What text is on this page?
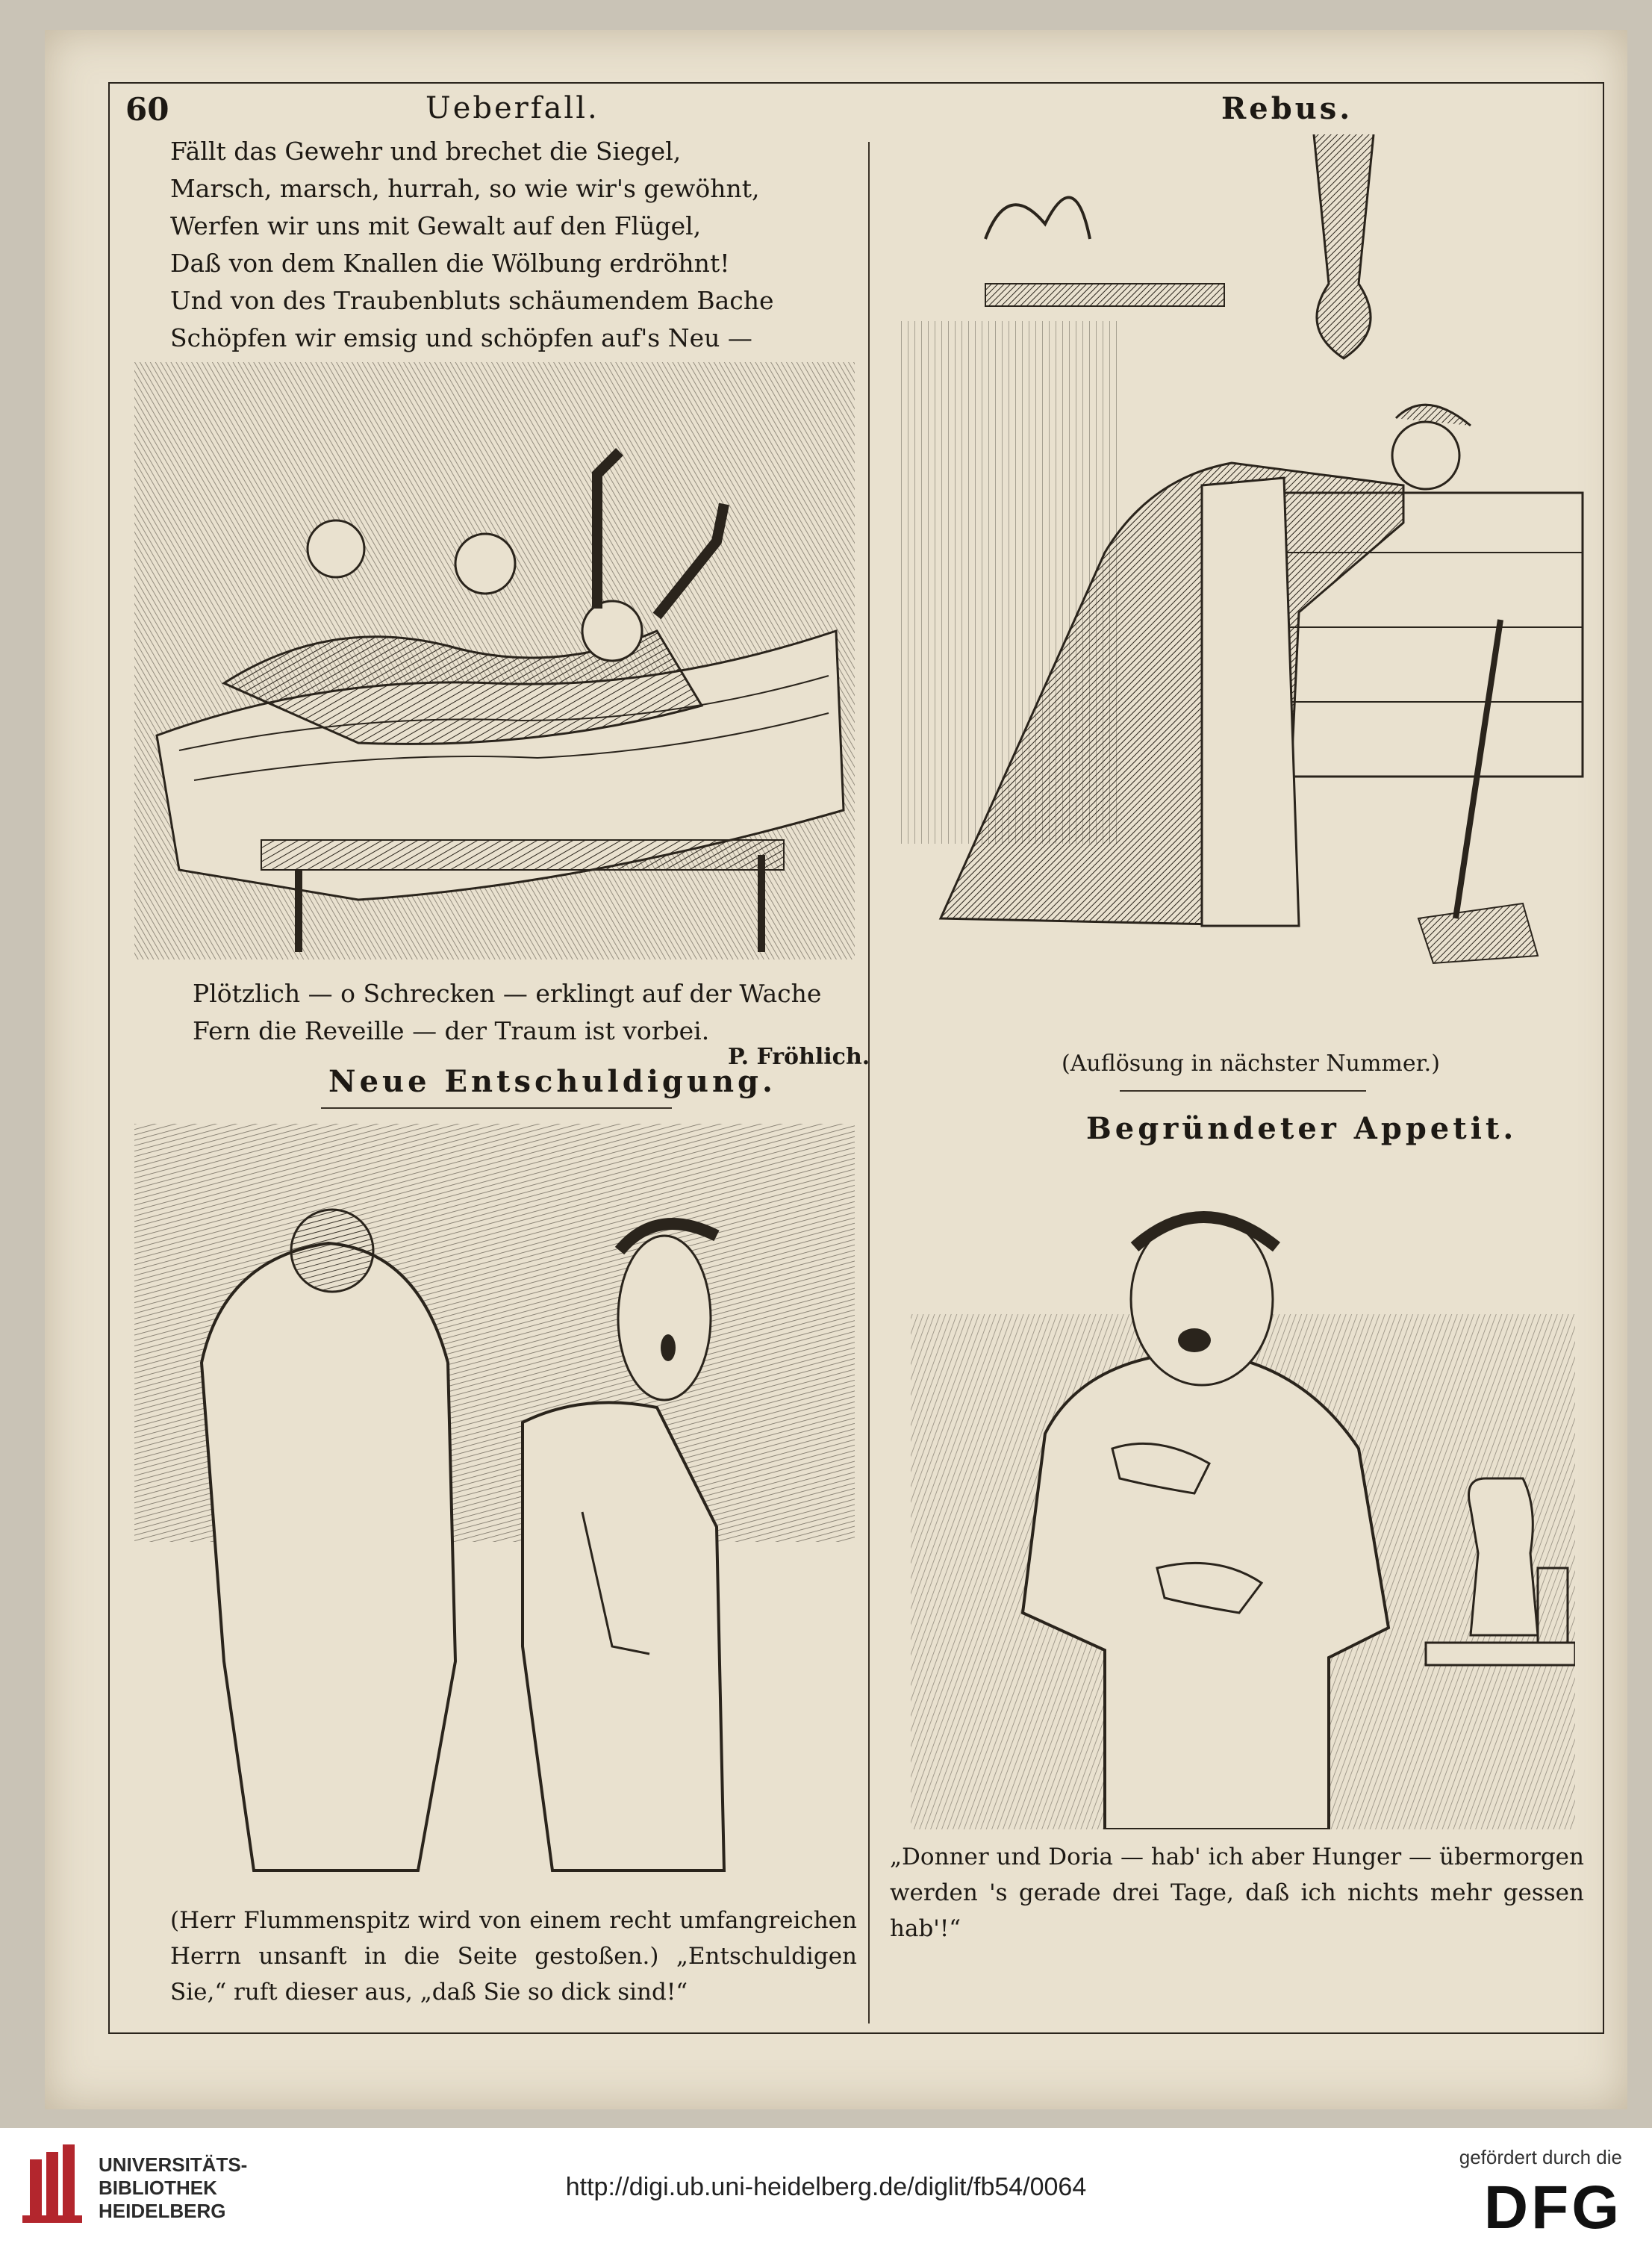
60	Ueberfall.	Rebus.
Fällt das Gewehr und brechet die Siegel,
Marsch, marsch, hurrah, so wie wir's gewöhnt,
Werfen wir uns mit Gewalt auf den Flügel,
Daß von dem Knallen die Wölbung erdröhnt!
Und von des Traubenbluts schäumendem Bache
Schöpfen wir emsig und schöpfen auf's Neu —
Plötzlich — o Schrecken — erklingt auf der Wache
Fern die Reveille — der Traum ist vorbei.
P. Fröhlich.
Neue Entschuldigung.
(Herr Flummenspitz wird von einem recht umfangreichen Herrn unsanft in die Seite gestoßen.) „Entschuldigen Sie,“ ruft dieser aus, „daß Sie so dick sind!“
(Auflösung in nächster Nummer.)
Begründeter Appetit.
„Donner und Doria — hab' ich aber Hunger — übermorgen werden 's gerade drei Tage, daß ich nichts mehr gessen hab'!“
UNIVERSITÄTS-
BIBLIOTHEK
HEIDELBERG
http://digi.ub.uni-heidelberg.de/diglit/fb54/0064
gefördert durch die
DFG
